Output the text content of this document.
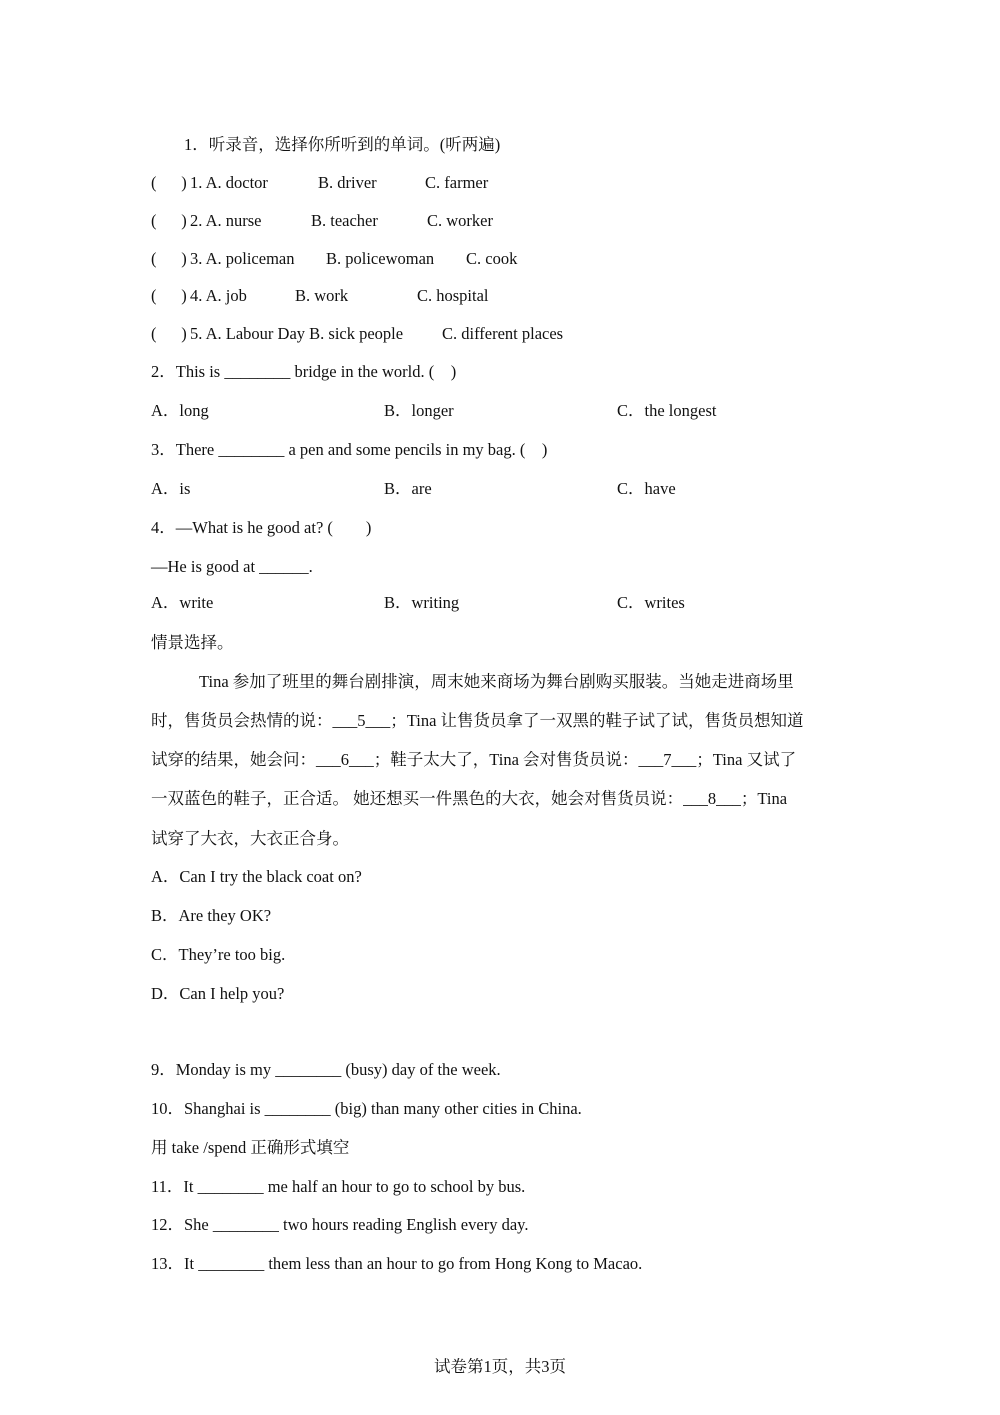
1．听录音，选择你所听到的单词。(听两遍)
(      ) 1. A. doctor	B. driver	C. farmer
(      ) 2. A. nurse	B. teacher	C. worker
(      ) 3. A. policeman B. policewoman C. cook
(      ) 4. A. job	B. work	C. hospital
(      ) 5. A. Labour Day B. sick people C. different places
2．This is ________ bridge in the world. (    )
A．long	B．longer	C．the longest
3．There ________ a pen and some pencils in my bag. (    )
A．is	B．are	C．have
4．—What is he good at? (        )
—He is good at ______.
A．write	B．writing	C．writes
情景选择。
Tina 参加了班里的舞台剧排演，周末她来商场为舞台剧购买服装。当她走进商场里
时，售货员会热情的说：___5___；Tina 让售货员拿了一双黑的鞋子试了试，售货员想知道
试穿的结果，她会问：___6___；鞋子太大了，Tina 会对售货员说：___7___；Tina 又试了
一双蓝色的鞋子，正合适。 她还想买一件黑色的大衣，她会对售货员说：___8___；Tina
试穿了大衣，大衣正合身。
A．Can I try the black coat on?
B．Are they OK?
C．They’re too big.
D．Can I help you?
9．Monday is my ________ (busy) day of the week.
10．Shanghai is ________ (big) than many other cities in China.
用 take /spend 正确形式填空
11．It ________ me half an hour to go to school by bus.
12．She ________ two hours reading English every day.
13．It ________ them less than an hour to go from Hong Kong to Macao.
试卷第1页，共3页
